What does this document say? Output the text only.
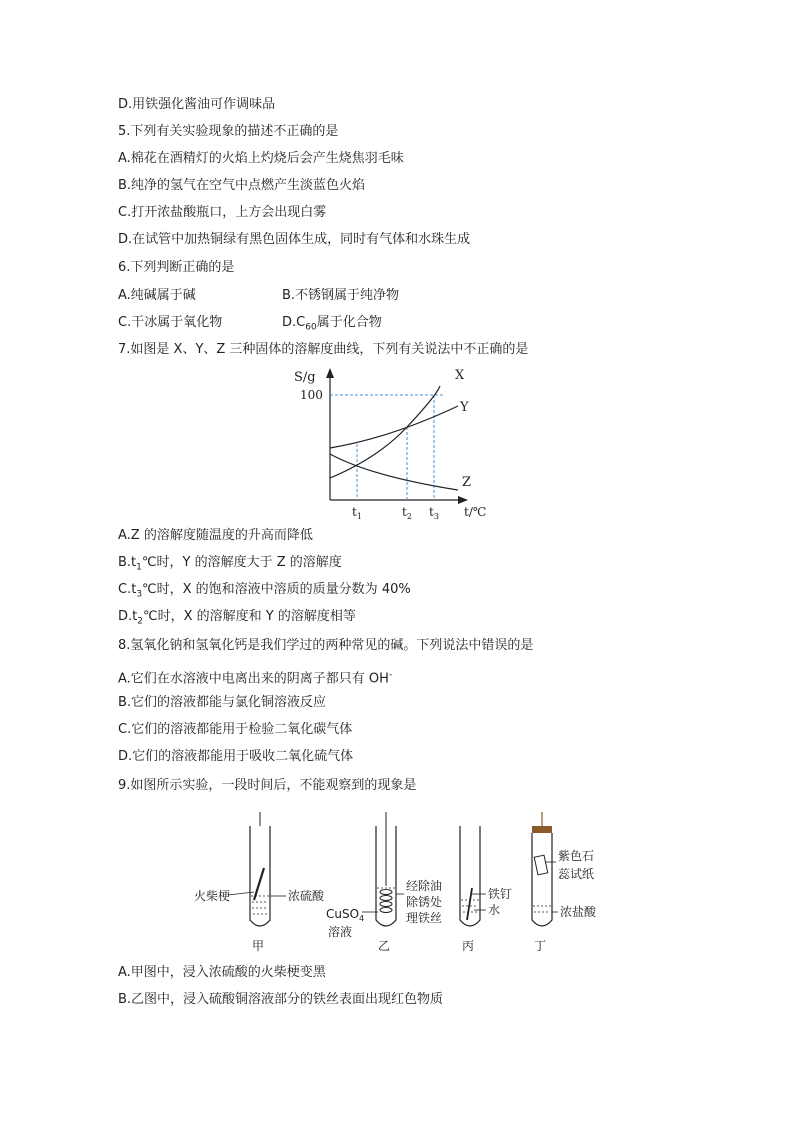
D.用铁强化酱油可作调味品
5.下列有关实验现象的描述不正确的是
A.棉花在酒精灯的火焰上灼烧后会产生烧焦羽毛味
B.纯净的氢气在空气中点燃产生淡蓝色火焰
C.打开浓盐酸瓶口，上方会出现白雾
D.在试管中加热铜绿有黑色固体生成，同时有气体和水珠生成
6.下列判断正确的是
A.纯碱属于碱	B.不锈钢属于纯净物
C.干冰属于氧化物	$D.C_{60}$属于化合物
7.如图是 X、Y、Z 三种固体的溶解度曲线，下列有关说法中不正确的是
S/g
100
X
Y
Z
$t_1$	$t_2$ $t_3$ t/℃
A.Z 的溶解度随温度的升高而降低
$B.t_1℃$时，Y 的溶解度大于 Z 的溶解度
$C.t_3℃$时，X 的饱和溶液中溶质的质量分数为 40%
$D.t_2℃$时，X 的溶解度和 Y 的溶解度相等
8.氢氧化钠和氢氧化钙是我们学过的两种常见的碱。下列说法中错误的是
A.它们在水溶液中电离出来的阴离子都只有 OH-
B.它们的溶液都能与氯化铜溶液反应
C.它们的溶液都能用于检验二氧化碳气体
D.它们的溶液都能用于吸收二氧化硫气体
9.如图所示实验，一段时间后，不能观察到的现象是
火柴梗	浓硫酸
甲
经除油
除锈处
理铁丝
CuSO$_4$
溶液
乙
铁钉
水
丙
紫色石
蕊试纸
浓盐酸
丁
A.甲图中，浸入浓硫酸的火柴梗变黑
B.乙图中，浸入硫酸铜溶液部分的铁丝表面出现红色物质
